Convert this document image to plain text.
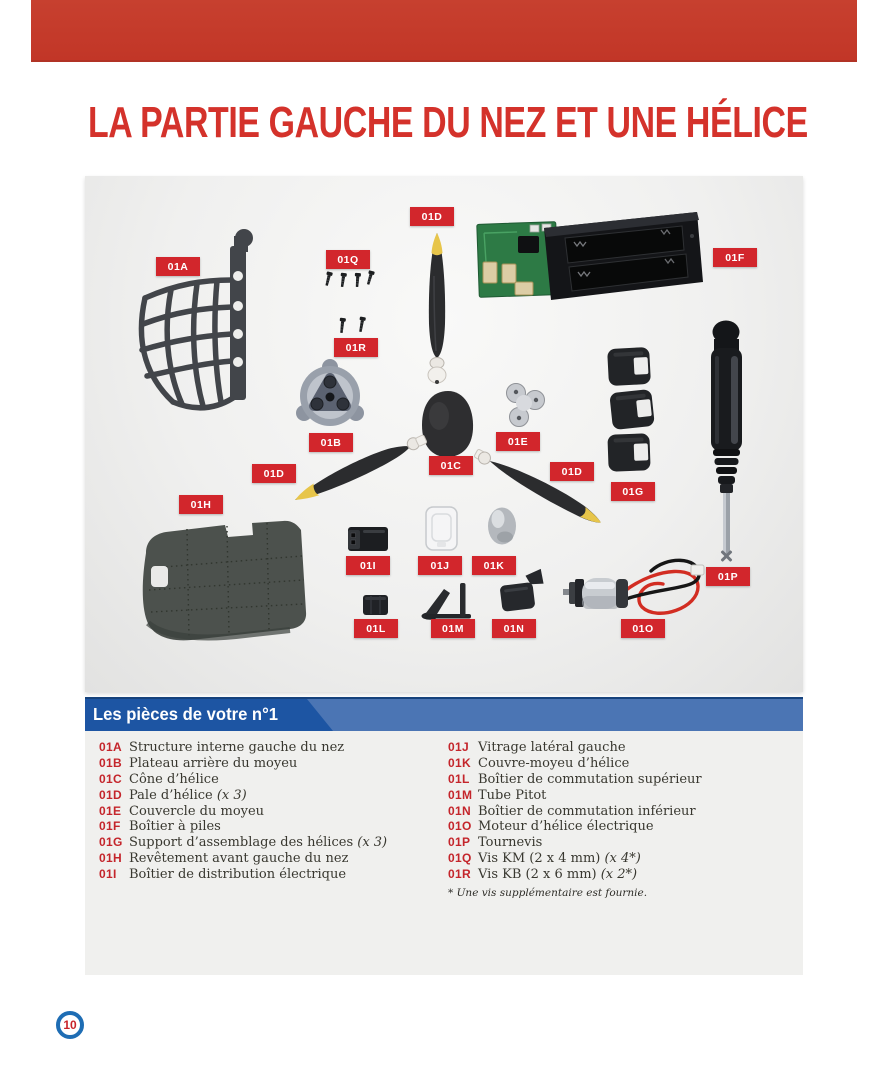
LA PARTIE GAUCHE DU NEZ ET UNE HÉLICE
01A
01Q
01D
01F
01R
01B	01E
01C
01D	01D
01G
01H
01I	01J	01K
01P
01L	01M	01N	01O
Les pièces de votre n°1
01A Structure interne gauche du nez
01B Plateau arrière du moyeu
01C Cône d’hélice
01D Pale d’hélice (x 3)
01E Couvercle du moyeu
01F Boîtier à piles
01G Support d’assemblage des hélices (x 3)
01H Revêtement avant gauche du nez
01I Boîtier de distribution électrique
01J Vitrage latéral gauche
01K Couvre-moyeu d’hélice
01L Boîtier de commutation supérieur
01M Tube Pitot
01N Boîtier de commutation inférieur
01O Moteur d’hélice électrique
01P Tournevis
01Q Vis KM (2 x 4 mm) (x 4*)
01R Vis KB (2 x 6 mm) (x 2*)
* Une vis supplémentaire est fournie.
10
